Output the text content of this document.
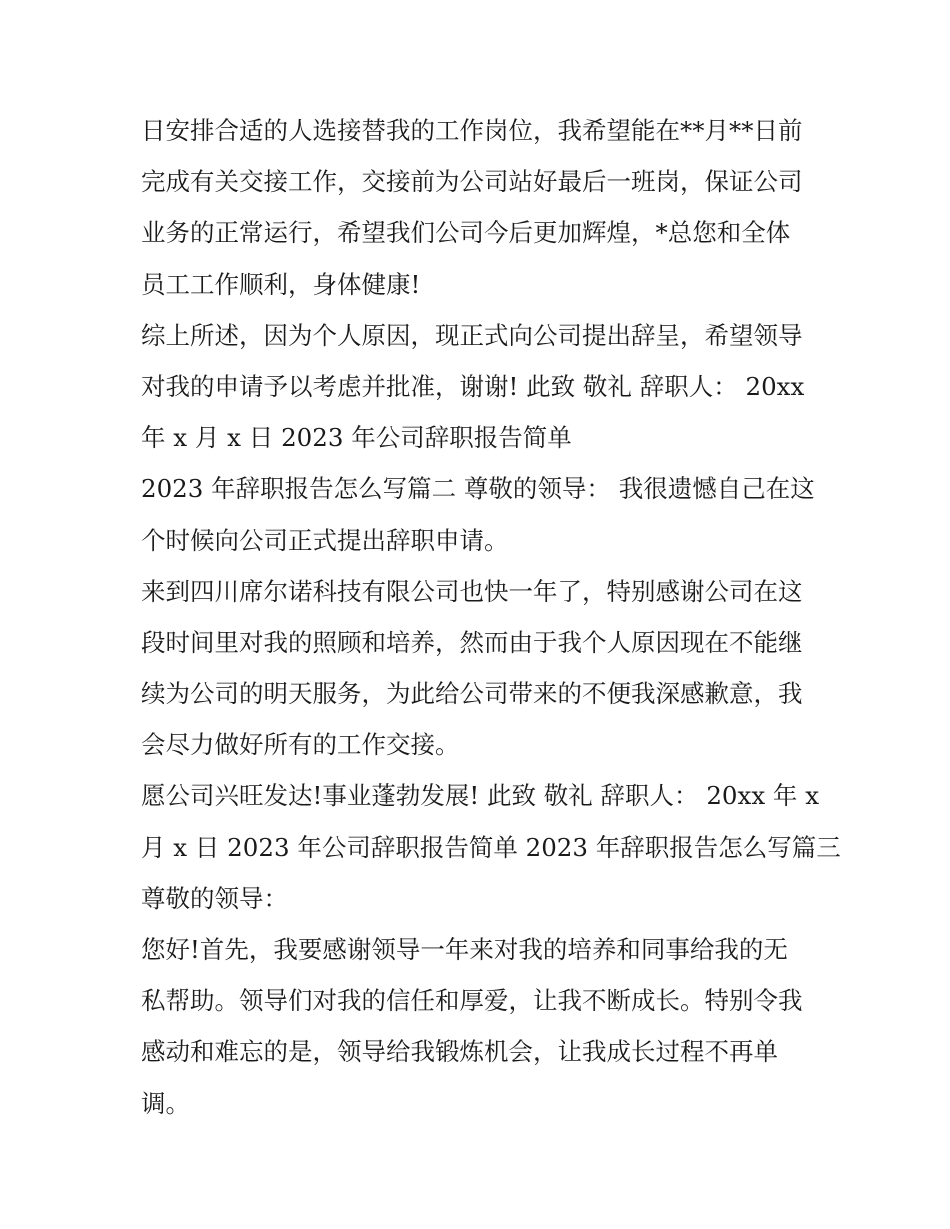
日安排合适的人选接替我的工作岗位，我希望能在**月**日前
完成有关交接工作，交接前为公司站好最后一班岗，保证公司
业务的正常运行，希望我们公司今后更加辉煌，*总您和全体
员工工作顺利，身体健康!
综上所述，因为个人原因，现正式向公司提出辞呈，希望领导
对我的申请予以考虑并批准，谢谢! 此致 敬礼 辞职人： 20xx
年 x 月 x 日 2023 年公司辞职报告简单
2023 年辞职报告怎么写篇二 尊敬的领导： 我很遗憾自己在这
个时候向公司正式提出辞职申请。
来到四川席尔诺科技有限公司也快一年了，特别感谢公司在这
段时间里对我的照顾和培养，然而由于我个人原因现在不能继
续为公司的明天服务，为此给公司带来的不便我深感歉意，我
会尽力做好所有的工作交接。
愿公司兴旺发达!事业蓬勃发展! 此致 敬礼 辞职人： 20xx 年 x
月 x 日 2023 年公司辞职报告简单 2023 年辞职报告怎么写篇三
尊敬的领导：
您好!首先，我要感谢领导一年来对我的培养和同事给我的无
私帮助。领导们对我的信任和厚爱，让我不断成长。特别令我
感动和难忘的是，领导给我锻炼机会，让我成长过程不再单
调。
